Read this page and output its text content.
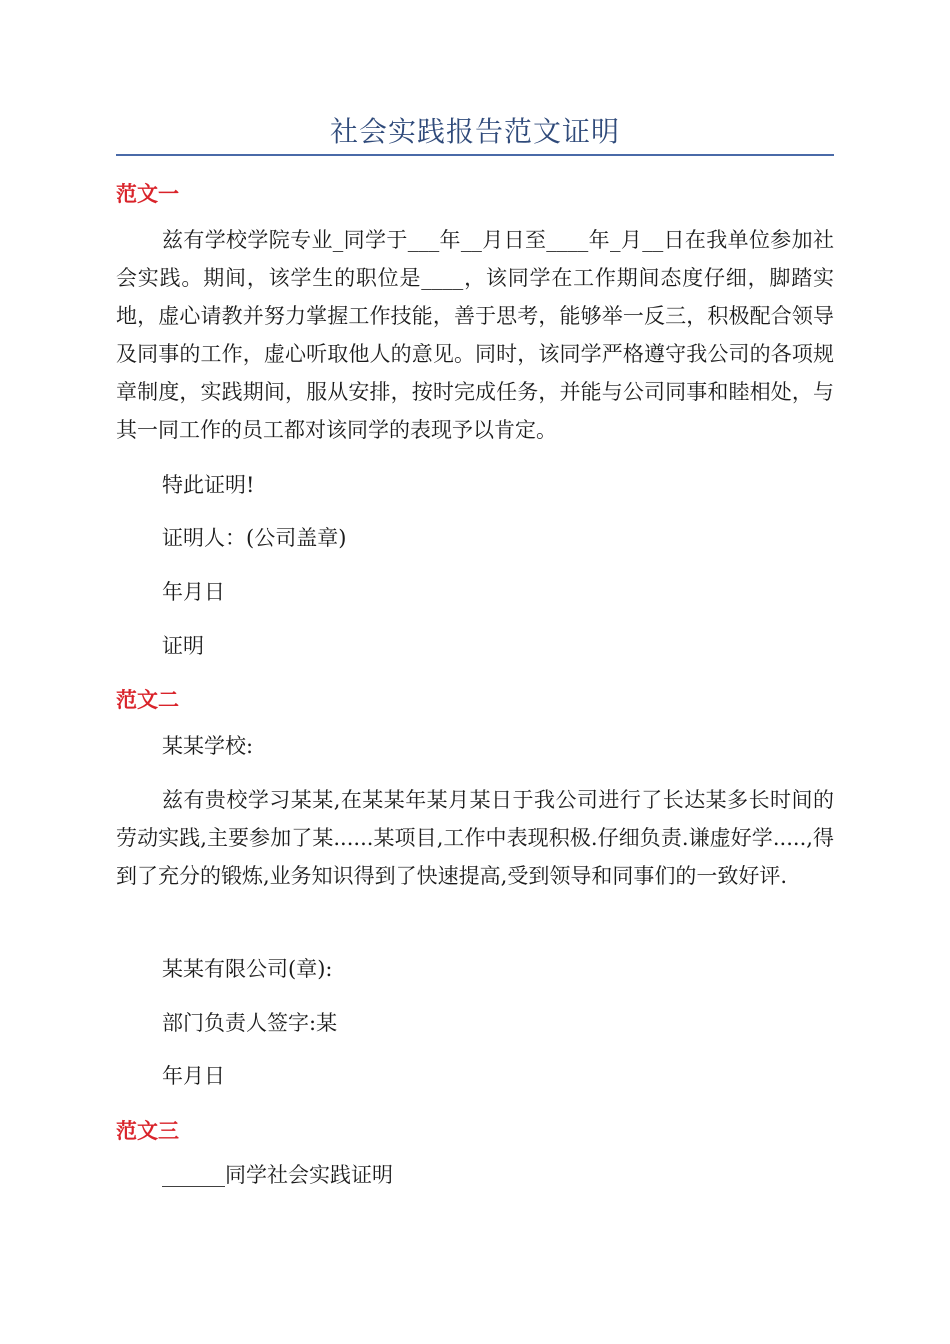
社会实践报告范文证明
范文一

兹有学校学院专业_同学于___年__月日至____年_月__日在我单位参加社会实践。期间，该学生的职位是____，该同学在工作期间态度仔细，脚踏实地，虚心请教并努力掌握工作技能，善于思考，能够举一反三，积极配合领导及同事的工作，虚心听取他人的意见。同时，该同学严格遵守我公司的各项规章制度，实践期间，服从安排，按时完成任务，并能与公司同事和睦相处，与其一同工作的员工都对该同学的表现予以肯定。

特此证明!
证明人：(公司盖章)
年月日
证明
范文二
某某学校:

兹有贵校学习某某,在某某年某月某日于我公司进行了长达某多长时间的劳动实践,主要参加了某......某项目,工作中表现积极.仔细负责.谦虚好学.....,得到了充分的锻炼,业务知识得到了快速提高,受到领导和同事们的一致好评.

某某有限公司(章):
部门负责人签字:某
年月日
范文三
______同学社会实践证明
